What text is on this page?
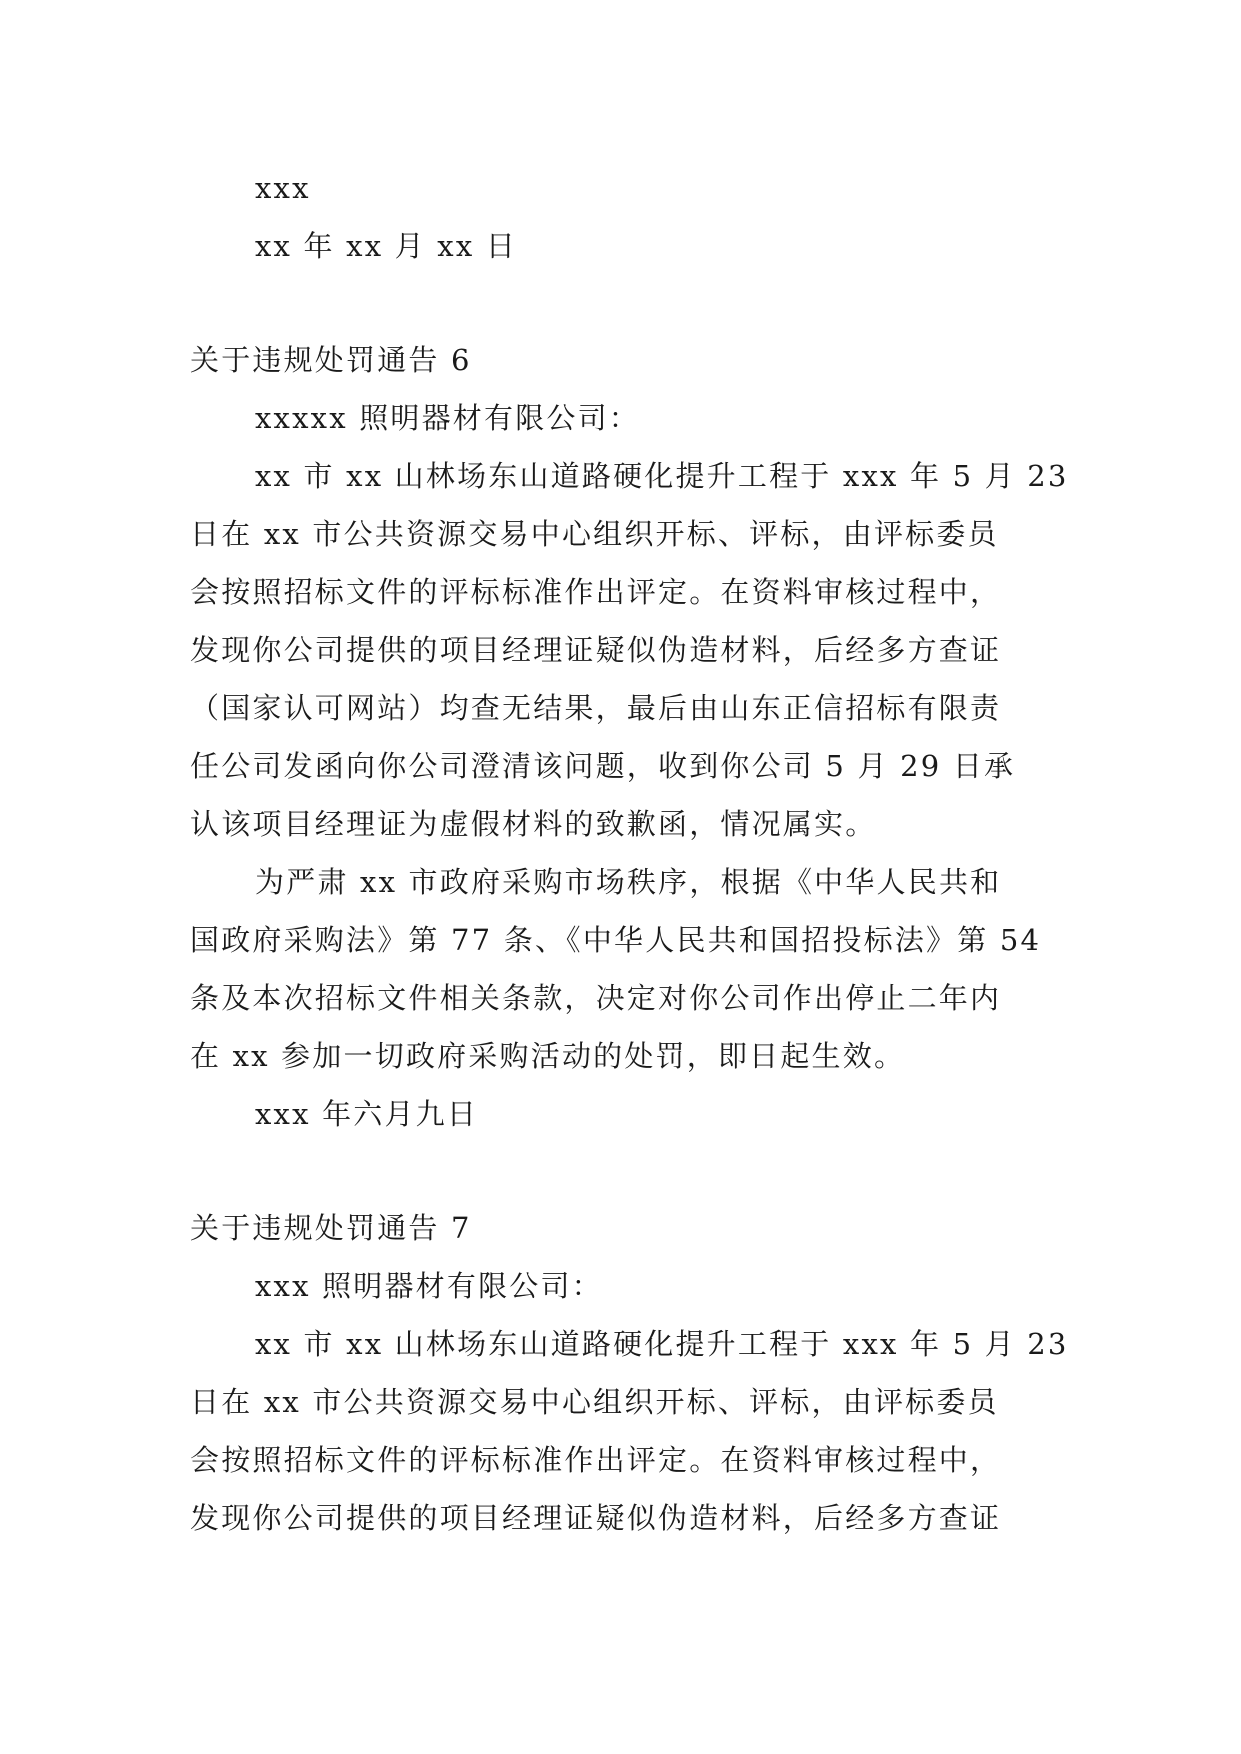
xxx
xx 年 xx 月 xx 日
关于违规处罚通告 6
xxxxx 照明器材有限公司：
xx 市 xx 山林场东山道路硬化提升工程于 xxx 年 5 月 23
日在 xx 市公共资源交易中心组织开标、评标，由评标委员
会按照招标文件的评标标准作出评定。在资料审核过程中，
发现你公司提供的项目经理证疑似伪造材料，后经多方查证
（国家认可网站）均查无结果，最后由山东正信招标有限责
任公司发函向你公司澄清该问题，收到你公司 5 月 29 日承
认该项目经理证为虚假材料的致歉函，情况属实。
为严肃 xx 市政府采购市场秩序，根据《中华人民共和
国政府采购法》第 77 条、《中华人民共和国招投标法》第 54
条及本次招标文件相关条款，决定对你公司作出停止二年内
在 xx 参加一切政府采购活动的处罚，即日起生效。
xxx 年六月九日
关于违规处罚通告 7
xxx 照明器材有限公司：
xx 市 xx 山林场东山道路硬化提升工程于 xxx 年 5 月 23
日在 xx 市公共资源交易中心组织开标、评标，由评标委员
会按照招标文件的评标标准作出评定。在资料审核过程中，
发现你公司提供的项目经理证疑似伪造材料，后经多方查证
